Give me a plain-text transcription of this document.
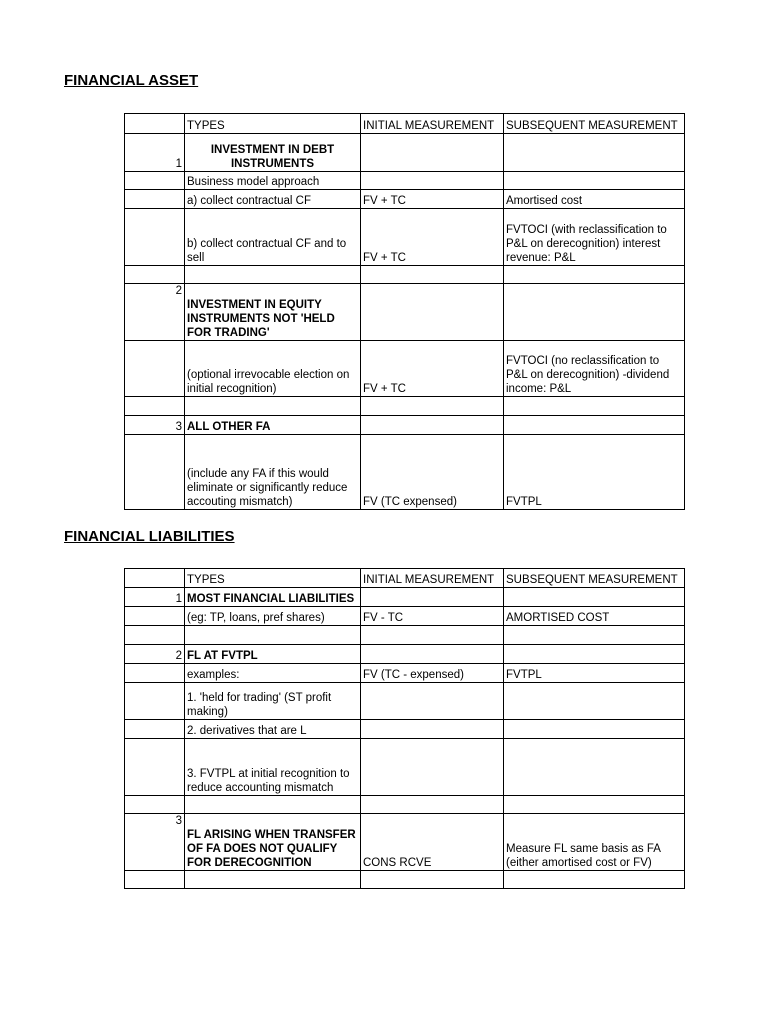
FINANCIAL ASSET
	TYPES	INITIAL MEASUREMENT	SUBSEQUENT MEASUREMENT
1	INVESTMENT IN DEBT INSTRUMENTS		
	Business model approach		
	a) collect contractual CF	FV + TC	Amortised cost
	b) collect contractual CF and to sell	FV + TC	FVTOCI (with reclassification to P&L on derecognition) interest revenue: P&L

2	INVESTMENT IN EQUITY INSTRUMENTS NOT 'HELD FOR TRADING'		
	(optional irrevocable election on initial recognition)	FV + TC	FVTOCI (no reclassification to P&L on derecognition) -dividend income: P&L

3	ALL OTHER FA		
	(include any FA if this would eliminate or significantly reduce accouting mismatch)	FV (TC expensed)	FVTPL
FINANCIAL LIABILITIES
	TYPES	INITIAL MEASUREMENT	SUBSEQUENT MEASUREMENT
1	MOST FINANCIAL LIABILITIES		
	(eg: TP, loans, pref shares)	FV - TC	AMORTISED COST

2	FL AT FVTPL		
	examples:	FV (TC - expensed)	FVTPL
	1. 'held for trading' (ST profit making)		
	2. derivatives that are L		
	3. FVTPL at initial recognition to reduce accounting mismatch		

3	FL ARISING WHEN TRANSFER OF FA DOES NOT QUALIFY FOR DERECOGNITION	CONS RCVE	Measure FL same basis as FA (either amortised cost or FV)
